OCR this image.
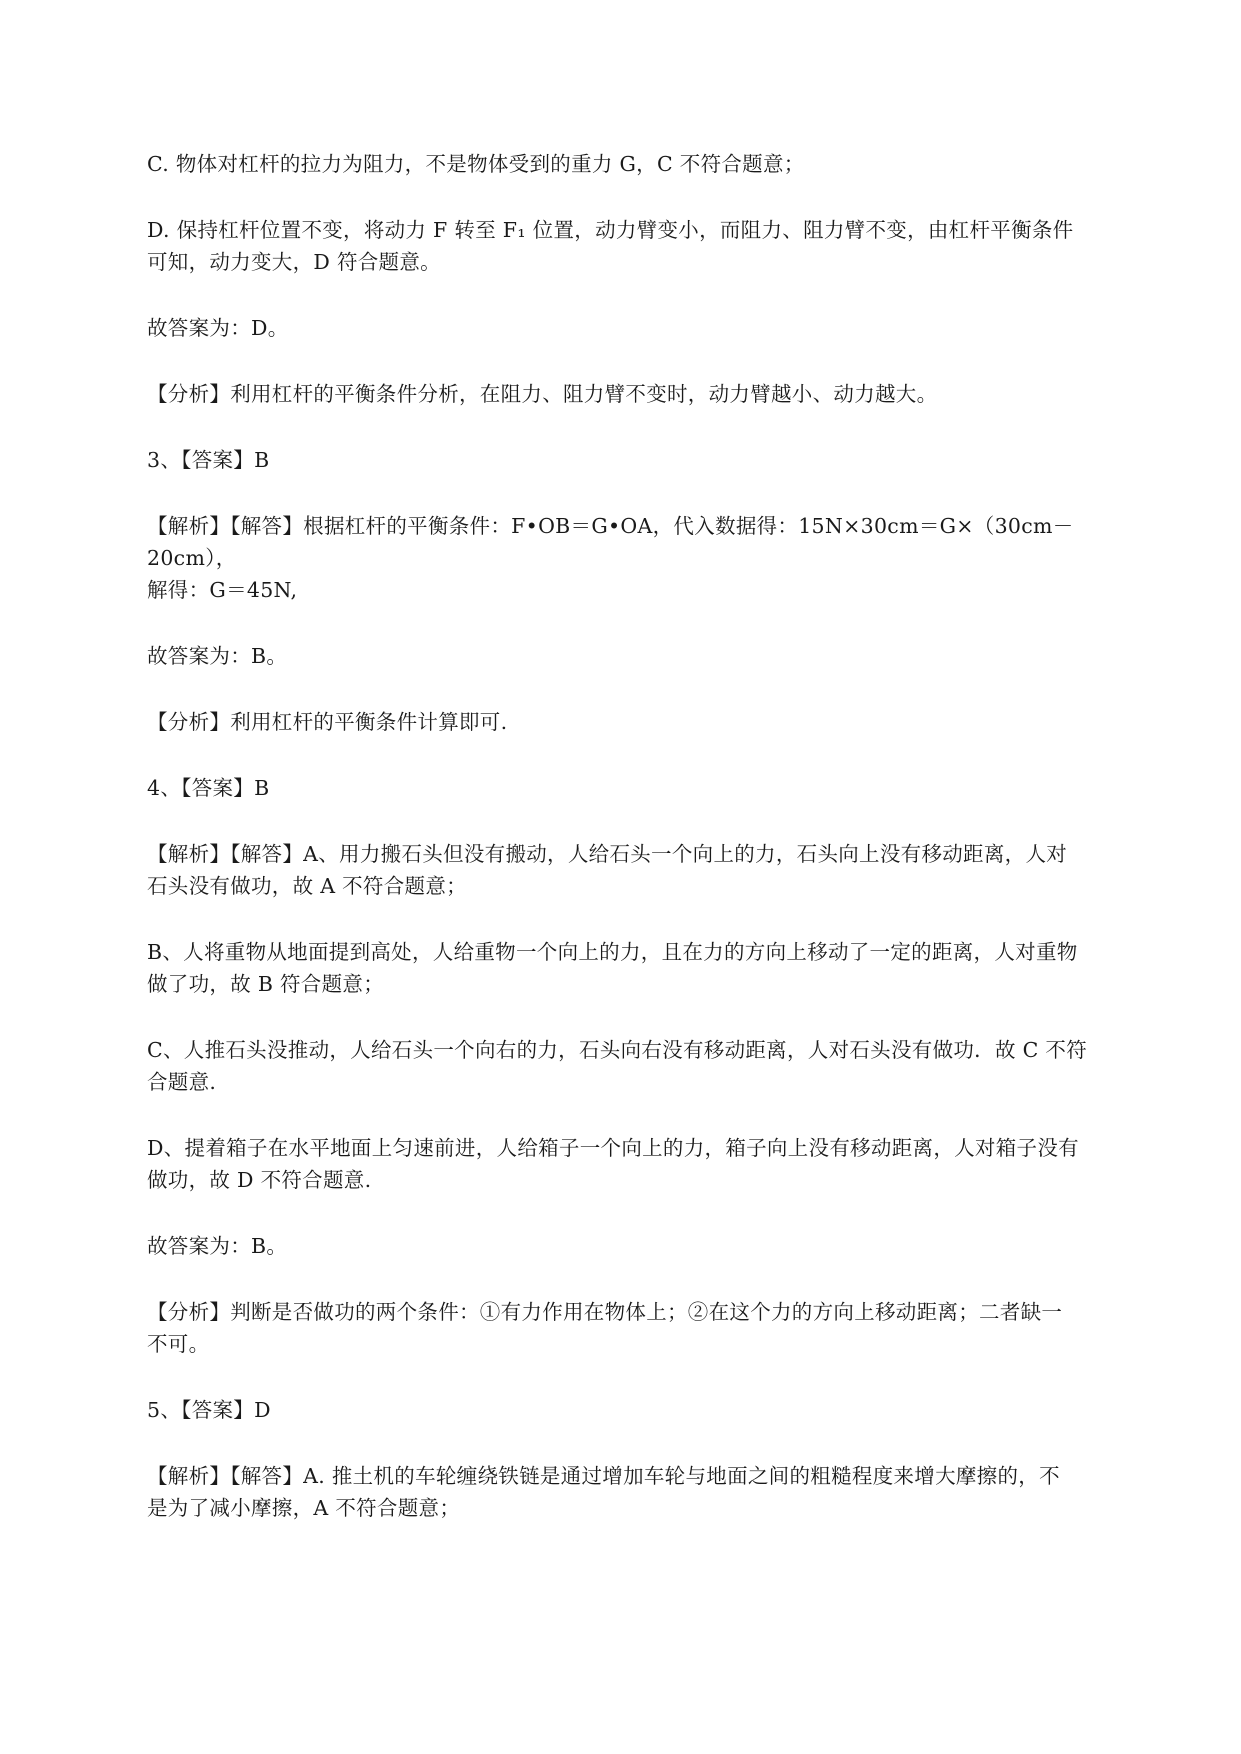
C. 物体对杠杆的拉力为阻力，不是物体受到的重力 G，C 不符合题意；
D. 保持杠杆位置不变，将动力 F 转至 F₁ 位置，动力臂变小，而阻力、阻力臂不变，由杠杆平衡条件
可知，动力变大，D 符合题意。
故答案为：D。
【分析】利用杠杆的平衡条件分析，在阻力、阻力臂不变时，动力臂越小、动力越大。
3、【答案】B
【解析】【解答】根据杠杆的平衡条件：F•OB＝G•OA，代入数据得：15N×30cm＝G×（30cm－20cm），
解得：G＝45N,
故答案为：B。
【分析】利用杠杆的平衡条件计算即可.
4、【答案】B
【解析】【解答】A、用力搬石头但没有搬动，人给石头一个向上的力，石头向上没有移动距离，人对
石头没有做功，故 A 不符合题意；
B、人将重物从地面提到高处，人给重物一个向上的力，且在力的方向上移动了一定的距离，人对重物
做了功，故 B 符合题意；
C、人推石头没推动，人给石头一个向右的力，石头向右没有移动距离，人对石头没有做功．故 C 不符
合题意.
D、提着箱子在水平地面上匀速前进，人给箱子一个向上的力，箱子向上没有移动距离，人对箱子没有
做功，故 D 不符合题意.
故答案为：B。
【分析】判断是否做功的两个条件：①有力作用在物体上；②在这个力的方向上移动距离；二者缺一
不可。
5、【答案】D
【解析】【解答】A. 推土机的车轮缠绕铁链是通过增加车轮与地面之间的粗糙程度来增大摩擦的，不
是为了减小摩擦，A 不符合题意；
